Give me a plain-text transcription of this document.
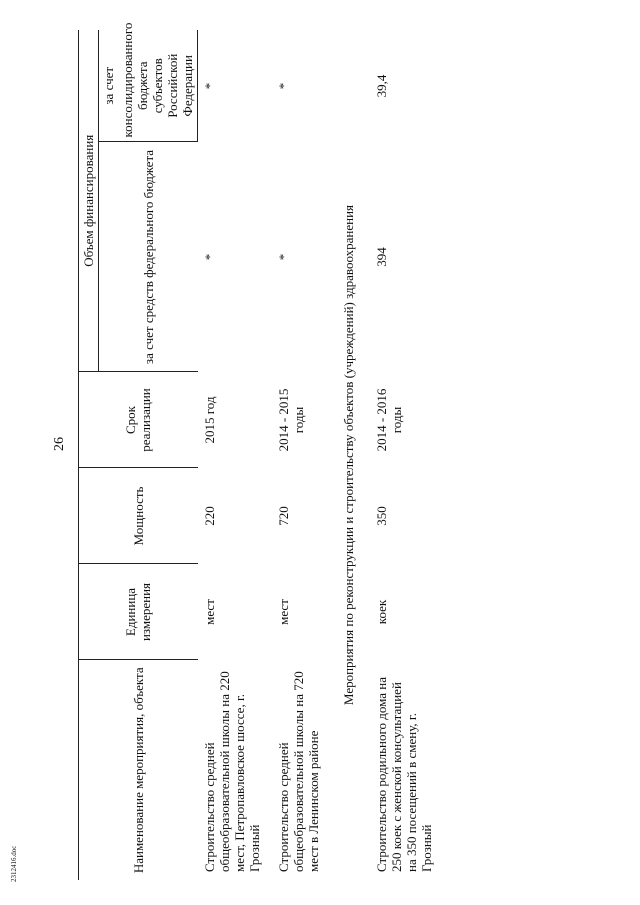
26
2312416.doc	Наименование мероприятия, объекта	Единица измерения	Мощность	Срок реализации	Объем финансирования	
				за счет средств федерального бюджета	за счет
					консолидированного бюджета субъектов Российской Федерации
Строительство средней общеобразовательной школы на 220 мест, Петропавловское шоссе, г. Грозный	мест	220	2015 год	*	*
Строительство средней общеобразовательной школы на 720 мест в Ленинском районе	мест	720	2014 - 2015 годы	*	*
Мероприятия по реконструкции и строительству объектов (учреждений) здравоохранения					
Строительство родильного дома на 250 коек с женской консультацией на 350 посещений в смену, г. Грозный	коек	350	2014 - 2016 годы	394	39,4
